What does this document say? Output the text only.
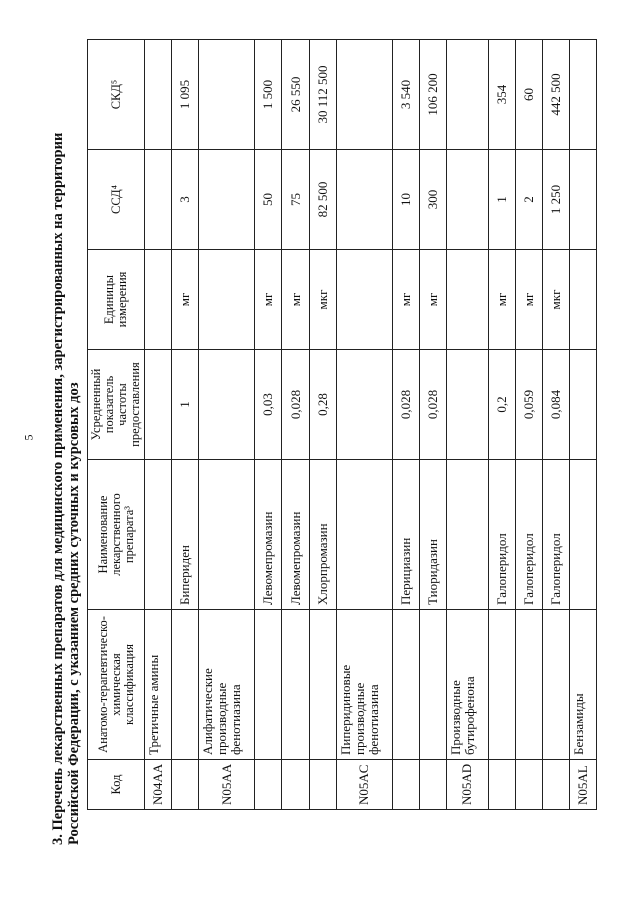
5 3. Перечень лекарственных препаратов для медицинского применения, зарегистрированных на территории Российской Федерации, с указанием средних суточных и курсовых доз Код	Анатомо-терапевтическо-химическая классификация	Наименование лекарственного препарата³	Усредненный показатель частоты предоставления	Единицы измерения	ССД⁴	СКД⁵
N04AA	Третичные амины					
		Бипериден	1	мг	3	1 095
N05AA	Алифатические производные фенотиазина					
		Левомепромазин	0,03	мг	50	1 500
		Левомепромазин	0,028	мг	75	26 550
		Хлорпромазин	0,28	мкг	82 500	30 112 500
N05AC	Пиперидиновые производные фенотиазина					
		Перициазин	0,028	мг	10	3 540
		Тиоридазин	0,028	мг	300	106 200
N05AD	Производные бутирофенона					
		Галоперидол	0,2	мг	1	354
		Галоперидол	0,059	мг	2	60
		Галоперидол	0,084	мкг	1 250	442 500
N05AL	Бензамиды					
